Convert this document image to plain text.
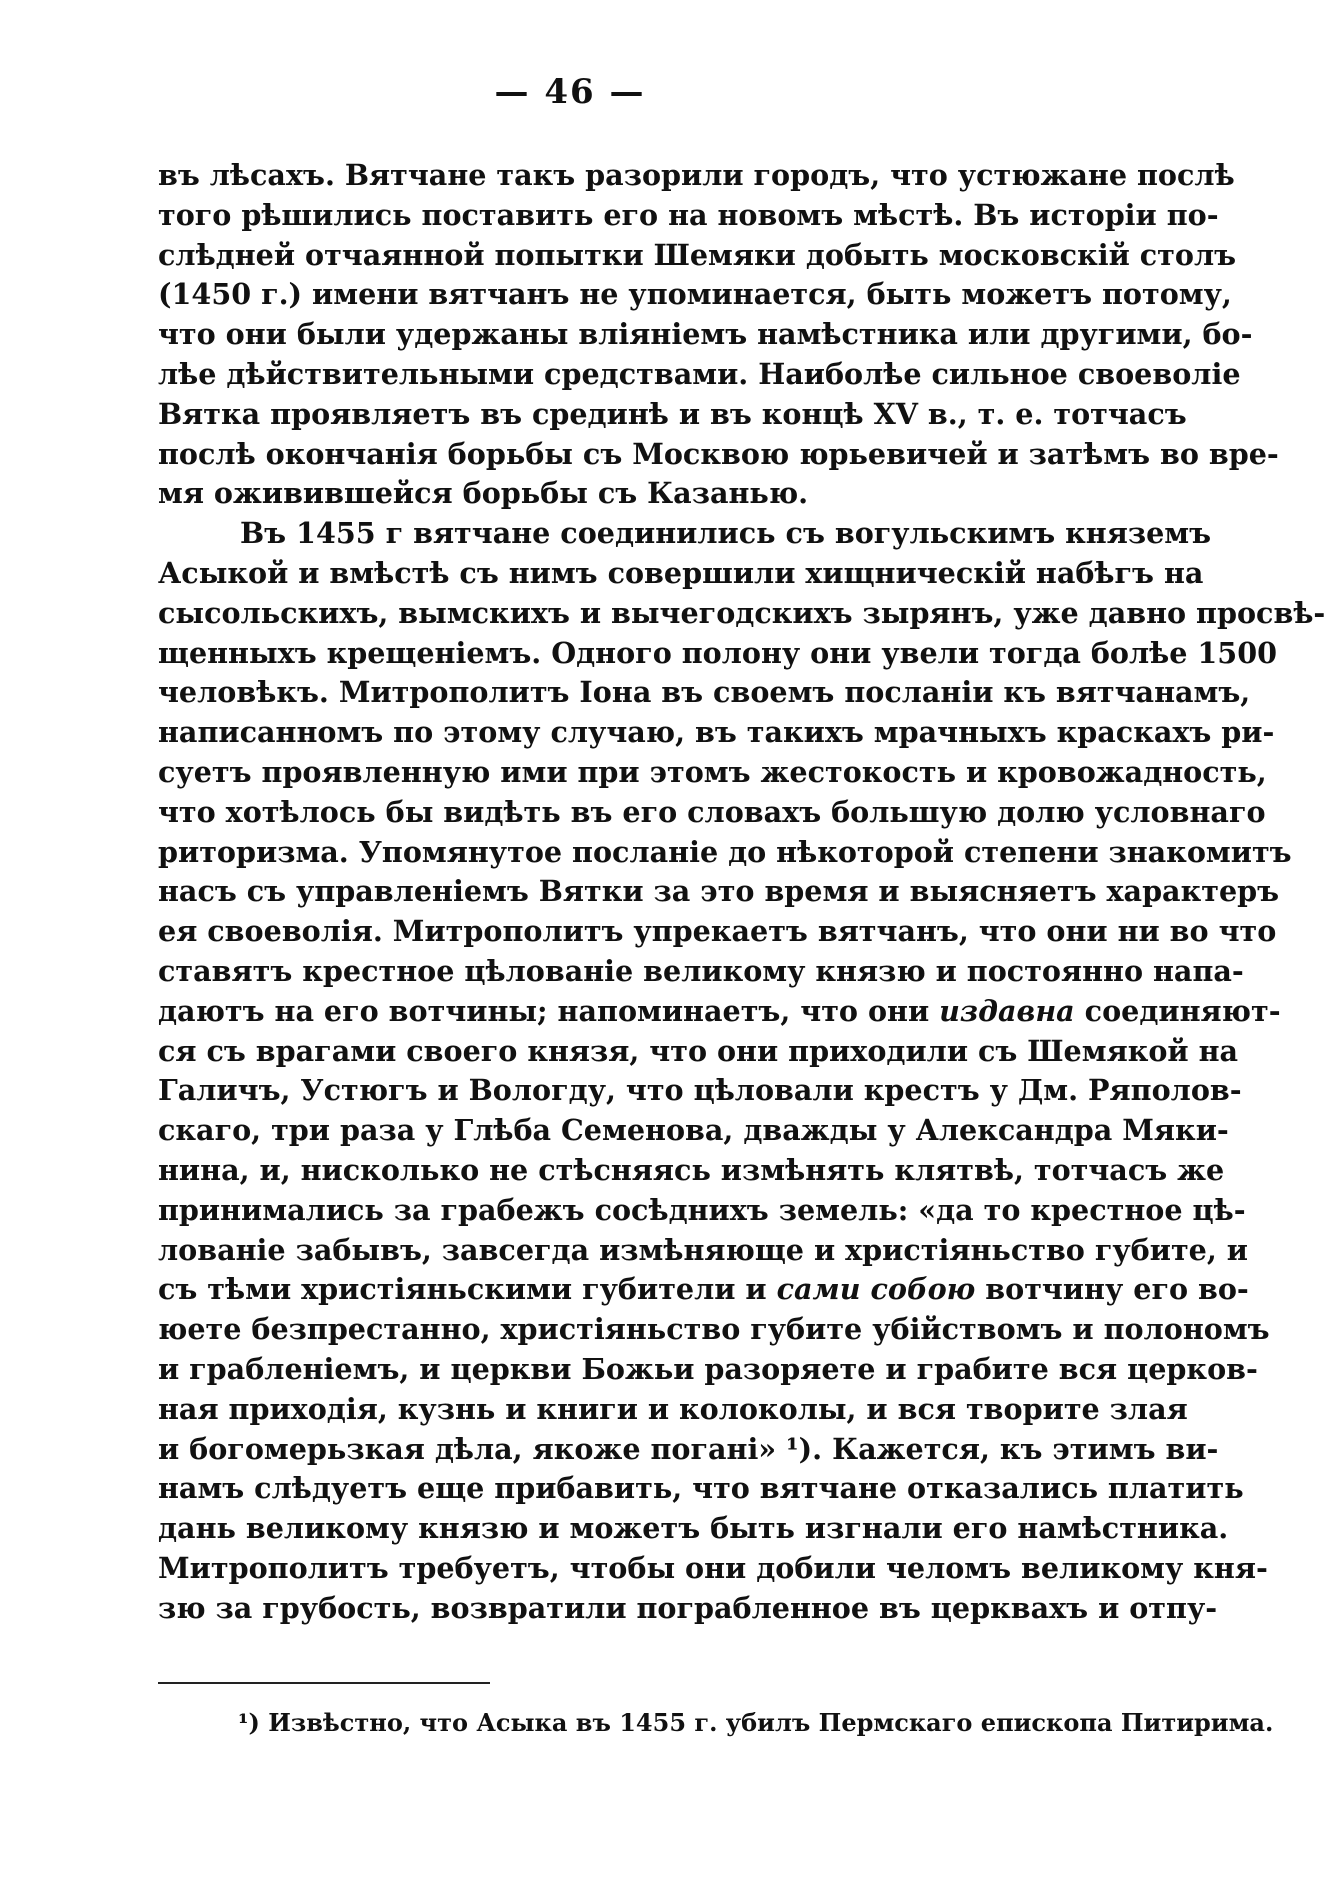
— 46 —
въ лѣсахъ. Вятчане такъ разорили городъ, что устюжане послѣ
того рѣшились поставить его на новомъ мѣстѣ. Въ исторіи по-
слѣдней отчаянной попытки Шемяки добыть московскій столъ
(1450 г.) имени вятчанъ не упоминается, быть можетъ потому,
что они были удержаны вліяніемъ намѣстника или другими, бо-
лѣе дѣйствительными средствами. Наиболѣе сильное своеволіе
Вятка проявляетъ въ срединѣ и въ концѣ XV в., т. е. тотчасъ
послѣ окончанія борьбы съ Москвою юрьевичей и затѣмъ во вре-
мя оживившейся борьбы съ Казанью.
Въ 1455 г вятчане соединились съ вогульскимъ княземъ
Асыкой и вмѣстѣ съ нимъ совершили хищническій набѣгъ на
сысольскихъ, вымскихъ и вычегодскихъ зырянъ, уже давно просвѣ-
щенныхъ крещеніемъ. Одного полону они увели тогда болѣе 1500
человѣкъ. Митрополитъ Іона въ своемъ посланіи къ вятчанамъ,
написанномъ по этому случаю, въ такихъ мрачныхъ краскахъ ри-
суетъ проявленную ими при этомъ жестокость и кровожадность,
что хотѣлось бы видѣть въ его словахъ большую долю условнаго
риторизма. Упомянутое посланіе до нѣкоторой степени знакомитъ
насъ съ управленіемъ Вятки за это время и выясняетъ характеръ
ея своеволія. Митрополитъ упрекаетъ вятчанъ, что они ни во что
ставятъ крестное цѣлованіе великому князю и постоянно напа-
даютъ на его вотчины; напоминаетъ, что они издавна соединяют-
ся съ врагами своего князя, что они приходили съ Шемякой на
Галичъ, Устюгъ и Вологду, что цѣловали крестъ у Дм. Ряполов-
скаго, три раза у Глѣба Семенова, дважды у Александра Мяки-
нина, и, нисколько не стѣсняясь измѣнять клятвѣ, тотчасъ же
принимались за грабежъ сосѣднихъ земель: «да то крестное цѣ-
лованіе забывъ, завсегда измѣняюще и христіяньство губите, и
съ тѣми христіяньскими губители и сами собою вотчину его во-
юете безпрестанно, христіяньство губите убійствомъ и полономъ
и грабленіемъ, и церкви Божьи разоряете и грабите вся церков-
ная приходія, кузнь и книги и колоколы, и вся творите злая
и богомерьзкая дѣла, якоже погані» ¹). Кажется, къ этимъ ви-
намъ слѣдуетъ еще прибавить, что вятчане отказались платить
дань великому князю и можетъ быть изгнали его намѣстника.
Митрополитъ требуетъ, чтобы они добили челомъ великому кня-
зю за грубость, возвратили пограбленное въ церквахъ и отпу-
¹) Извѣстно, что Асыка въ 1455 г. убилъ Пермскаго епископа Питирима.
